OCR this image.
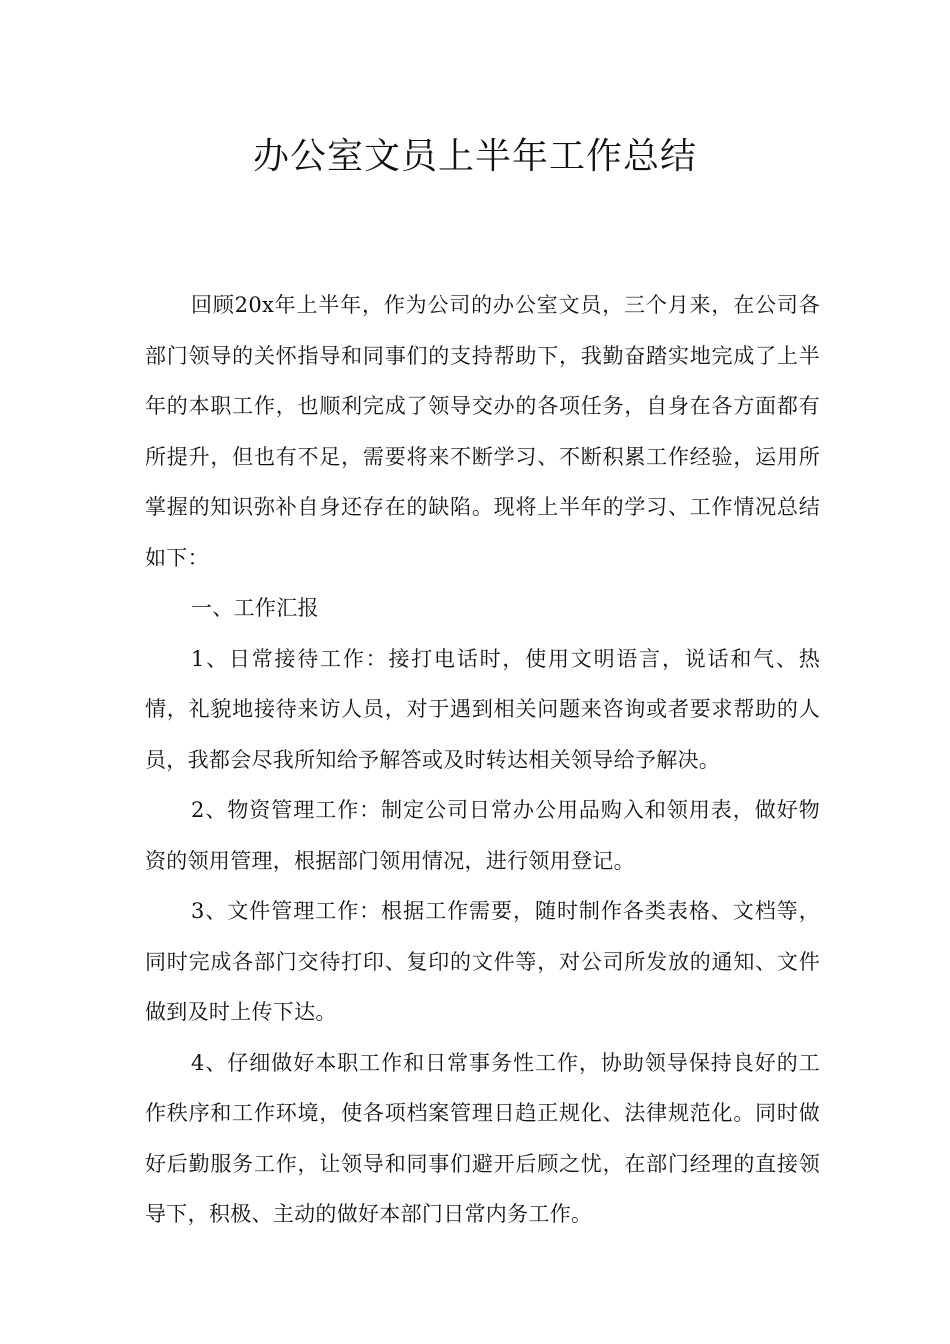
办公室文员上半年工作总结

回顾20x年上半年，作为公司的办公室文员，三个月来，在公司各部门领导的关怀指导和同事们的支持帮助下，我勤奋踏实地完成了上半年的本职工作，也顺利完成了领导交办的各项任务，自身在各方面都有所提升，但也有不足，需要将来不断学习、不断积累工作经验，运用所掌握的知识弥补自身还存在的缺陷。现将上半年的学习、工作情况总结如下：

一、工作汇报

1、日常接待工作：接打电话时，使用文明语言，说话和气、热情，礼貌地接待来访人员，对于遇到相关问题来咨询或者要求帮助的人员，我都会尽我所知给予解答或及时转达相关领导给予解决。

2、物资管理工作：制定公司日常办公用品购入和领用表，做好物资的领用管理，根据部门领用情况，进行领用登记。

3、文件管理工作：根据工作需要，随时制作各类表格、文档等，同时完成各部门交待打印、复印的文件等，对公司所发放的通知、文件做到及时上传下达。

4、仔细做好本职工作和日常事务性工作，协助领导保持良好的工作秩序和工作环境，使各项档案管理日趋正规化、法律规范化。同时做好后勤服务工作，让领导和同事们避开后顾之忧，在部门经理的直接领导下，积极、主动的做好本部门日常内务工作。
